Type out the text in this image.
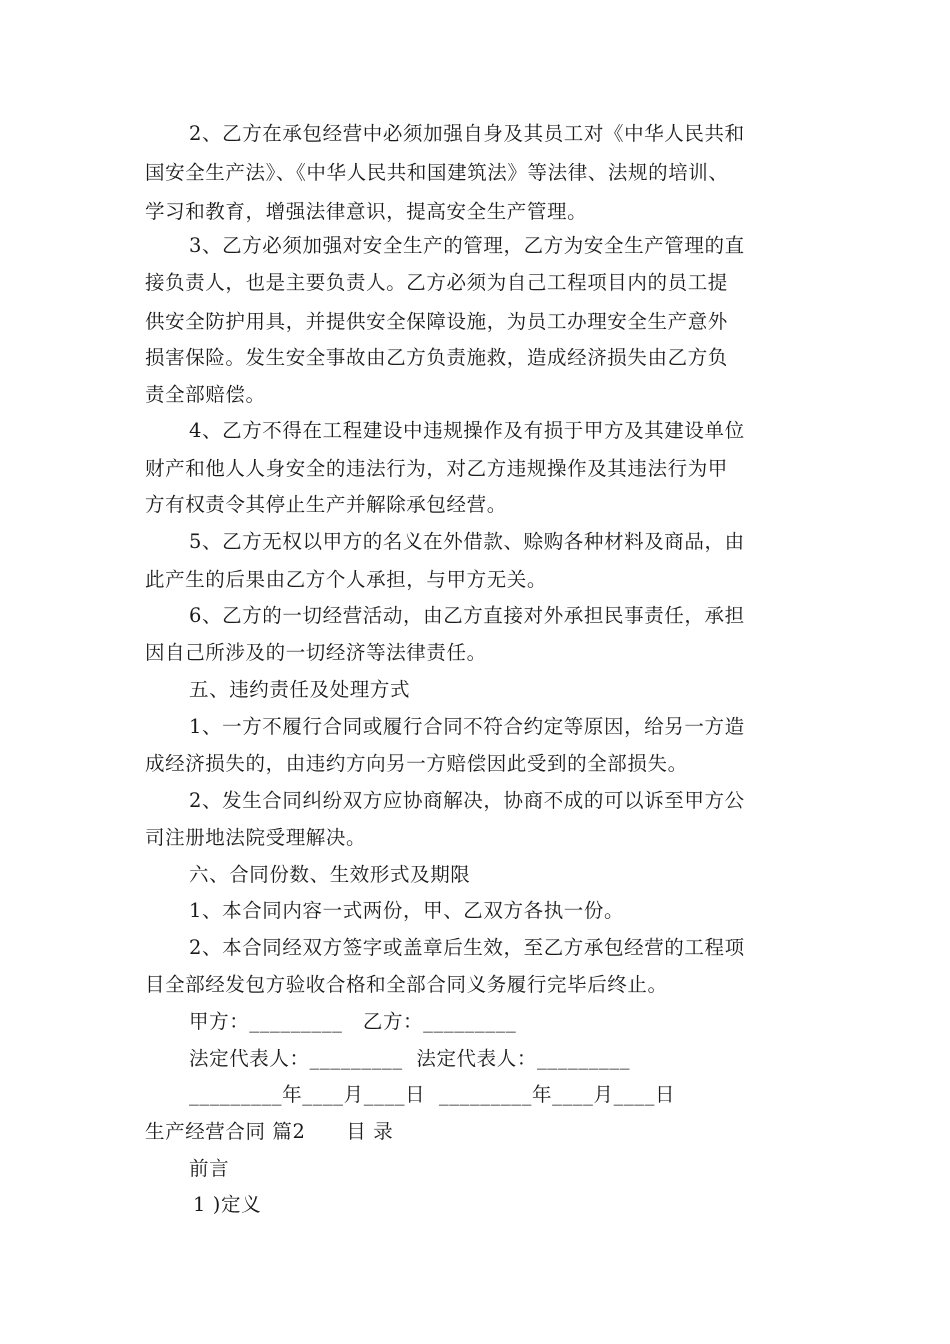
2、乙方在承包经营中必须加强自身及其员工对《中华人民共和
国安全生产法》、《中华人民共和国建筑法》等法律、法规的培训、
学习和教育，增强法律意识，提高安全生产管理。
3、乙方必须加强对安全生产的管理，乙方为安全生产管理的直
接负责人，也是主要负责人。乙方必须为自己工程项目内的员工提
供安全防护用具，并提供安全保障设施，为员工办理安全生产意外
损害保险。发生安全事故由乙方负责施救，造成经济损失由乙方负
责全部赔偿。
4、乙方不得在工程建设中违规操作及有损于甲方及其建设单位
财产和他人人身安全的违法行为，对乙方违规操作及其违法行为甲
方有权责令其停止生产并解除承包经营。
5、乙方无权以甲方的名义在外借款、赊购各种材料及商品，由
此产生的后果由乙方个人承担，与甲方无关。
6、乙方的一切经营活动，由乙方直接对外承担民事责任，承担
因自己所涉及的一切经济等法律责任。
五、违约责任及处理方式
1、一方不履行合同或履行合同不符合约定等原因，给另一方造
成经济损失的，由违约方向另一方赔偿因此受到的全部损失。
2、发生合同纠纷双方应协商解决，协商不成的可以诉至甲方公
司注册地法院受理解决。
六、合同份数、生效形式及期限
1、本合同内容一式两份，甲、乙双方各执一份。
2、本合同经双方签字或盖章后生效，至乙方承包经营的工程项
目全部经发包方验收合格和全部合同义务履行完毕后终止。
甲方：_________   乙方：_________
法定代表人：_________  法定代表人：_________
_________年____月____日  _________年____月____日
生产经营合同 篇2      目 录
前言
1 )定义
